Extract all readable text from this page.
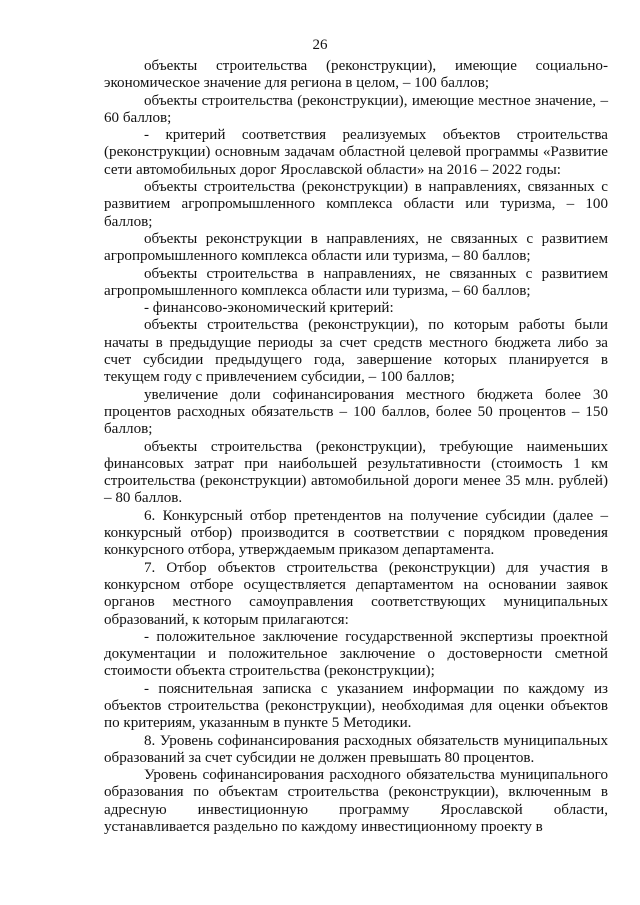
26

объекты строительства (реконструкции), имеющие социально-экономическое значение для региона в целом, – 100 баллов;

объекты строительства (реконструкции), имеющие местное значение, – 60 баллов;

- критерий соответствия реализуемых объектов строительства (реконструкции) основным задачам областной целевой программы «Развитие сети автомобильных дорог Ярославской области» на 2016 – 2022 годы:

объекты строительства (реконструкции) в направлениях, связанных с развитием агропромышленного комплекса области или туризма, – 100 баллов;

объекты реконструкции в направлениях, не связанных с развитием агропромышленного комплекса области или туризма, – 80 баллов;

объекты строительства в направлениях, не связанных с развитием агропромышленного комплекса области или туризма, – 60 баллов;

- финансово-экономический критерий:

объекты строительства (реконструкции), по которым работы были начаты в предыдущие периоды за счет средств местного бюджета либо за счет субсидии предыдущего года, завершение которых планируется в текущем году с привлечением субсидии, – 100 баллов;

увеличение доли софинансирования местного бюджета более 30 процентов расходных обязательств – 100 баллов, более 50 процентов – 150 баллов;

объекты строительства (реконструкции), требующие наименьших финансовых затрат при наибольшей результативности (стоимость 1 км строительства (реконструкции) автомобильной дороги менее 35 млн. рублей) – 80 баллов.

6. Конкурсный отбор претендентов на получение субсидии (далее – конкурсный отбор) производится в соответствии с порядком проведения конкурсного отбора, утверждаемым приказом департамента.

7. Отбор объектов строительства (реконструкции) для участия в конкурсном отборе осуществляется департаментом на основании заявок органов местного самоуправления соответствующих муниципальных образований, к которым прилагаются:

- положительное заключение государственной экспертизы проектной документации и положительное заключение о достоверности сметной стоимости объекта строительства (реконструкции);

- пояснительная записка с указанием информации по каждому из объектов строительства (реконструкции), необходимая для оценки объектов по критериям, указанным в пункте 5 Методики.

8. Уровень софинансирования расходных обязательств муниципальных образований за счет субсидии не должен превышать 80 процентов.

Уровень софинансирования расходного обязательства муниципального образования по объектам строительства (реконструкции), включенным в адресную инвестиционную программу Ярославской области, устанавливается раздельно по каждому инвестиционному проекту в
